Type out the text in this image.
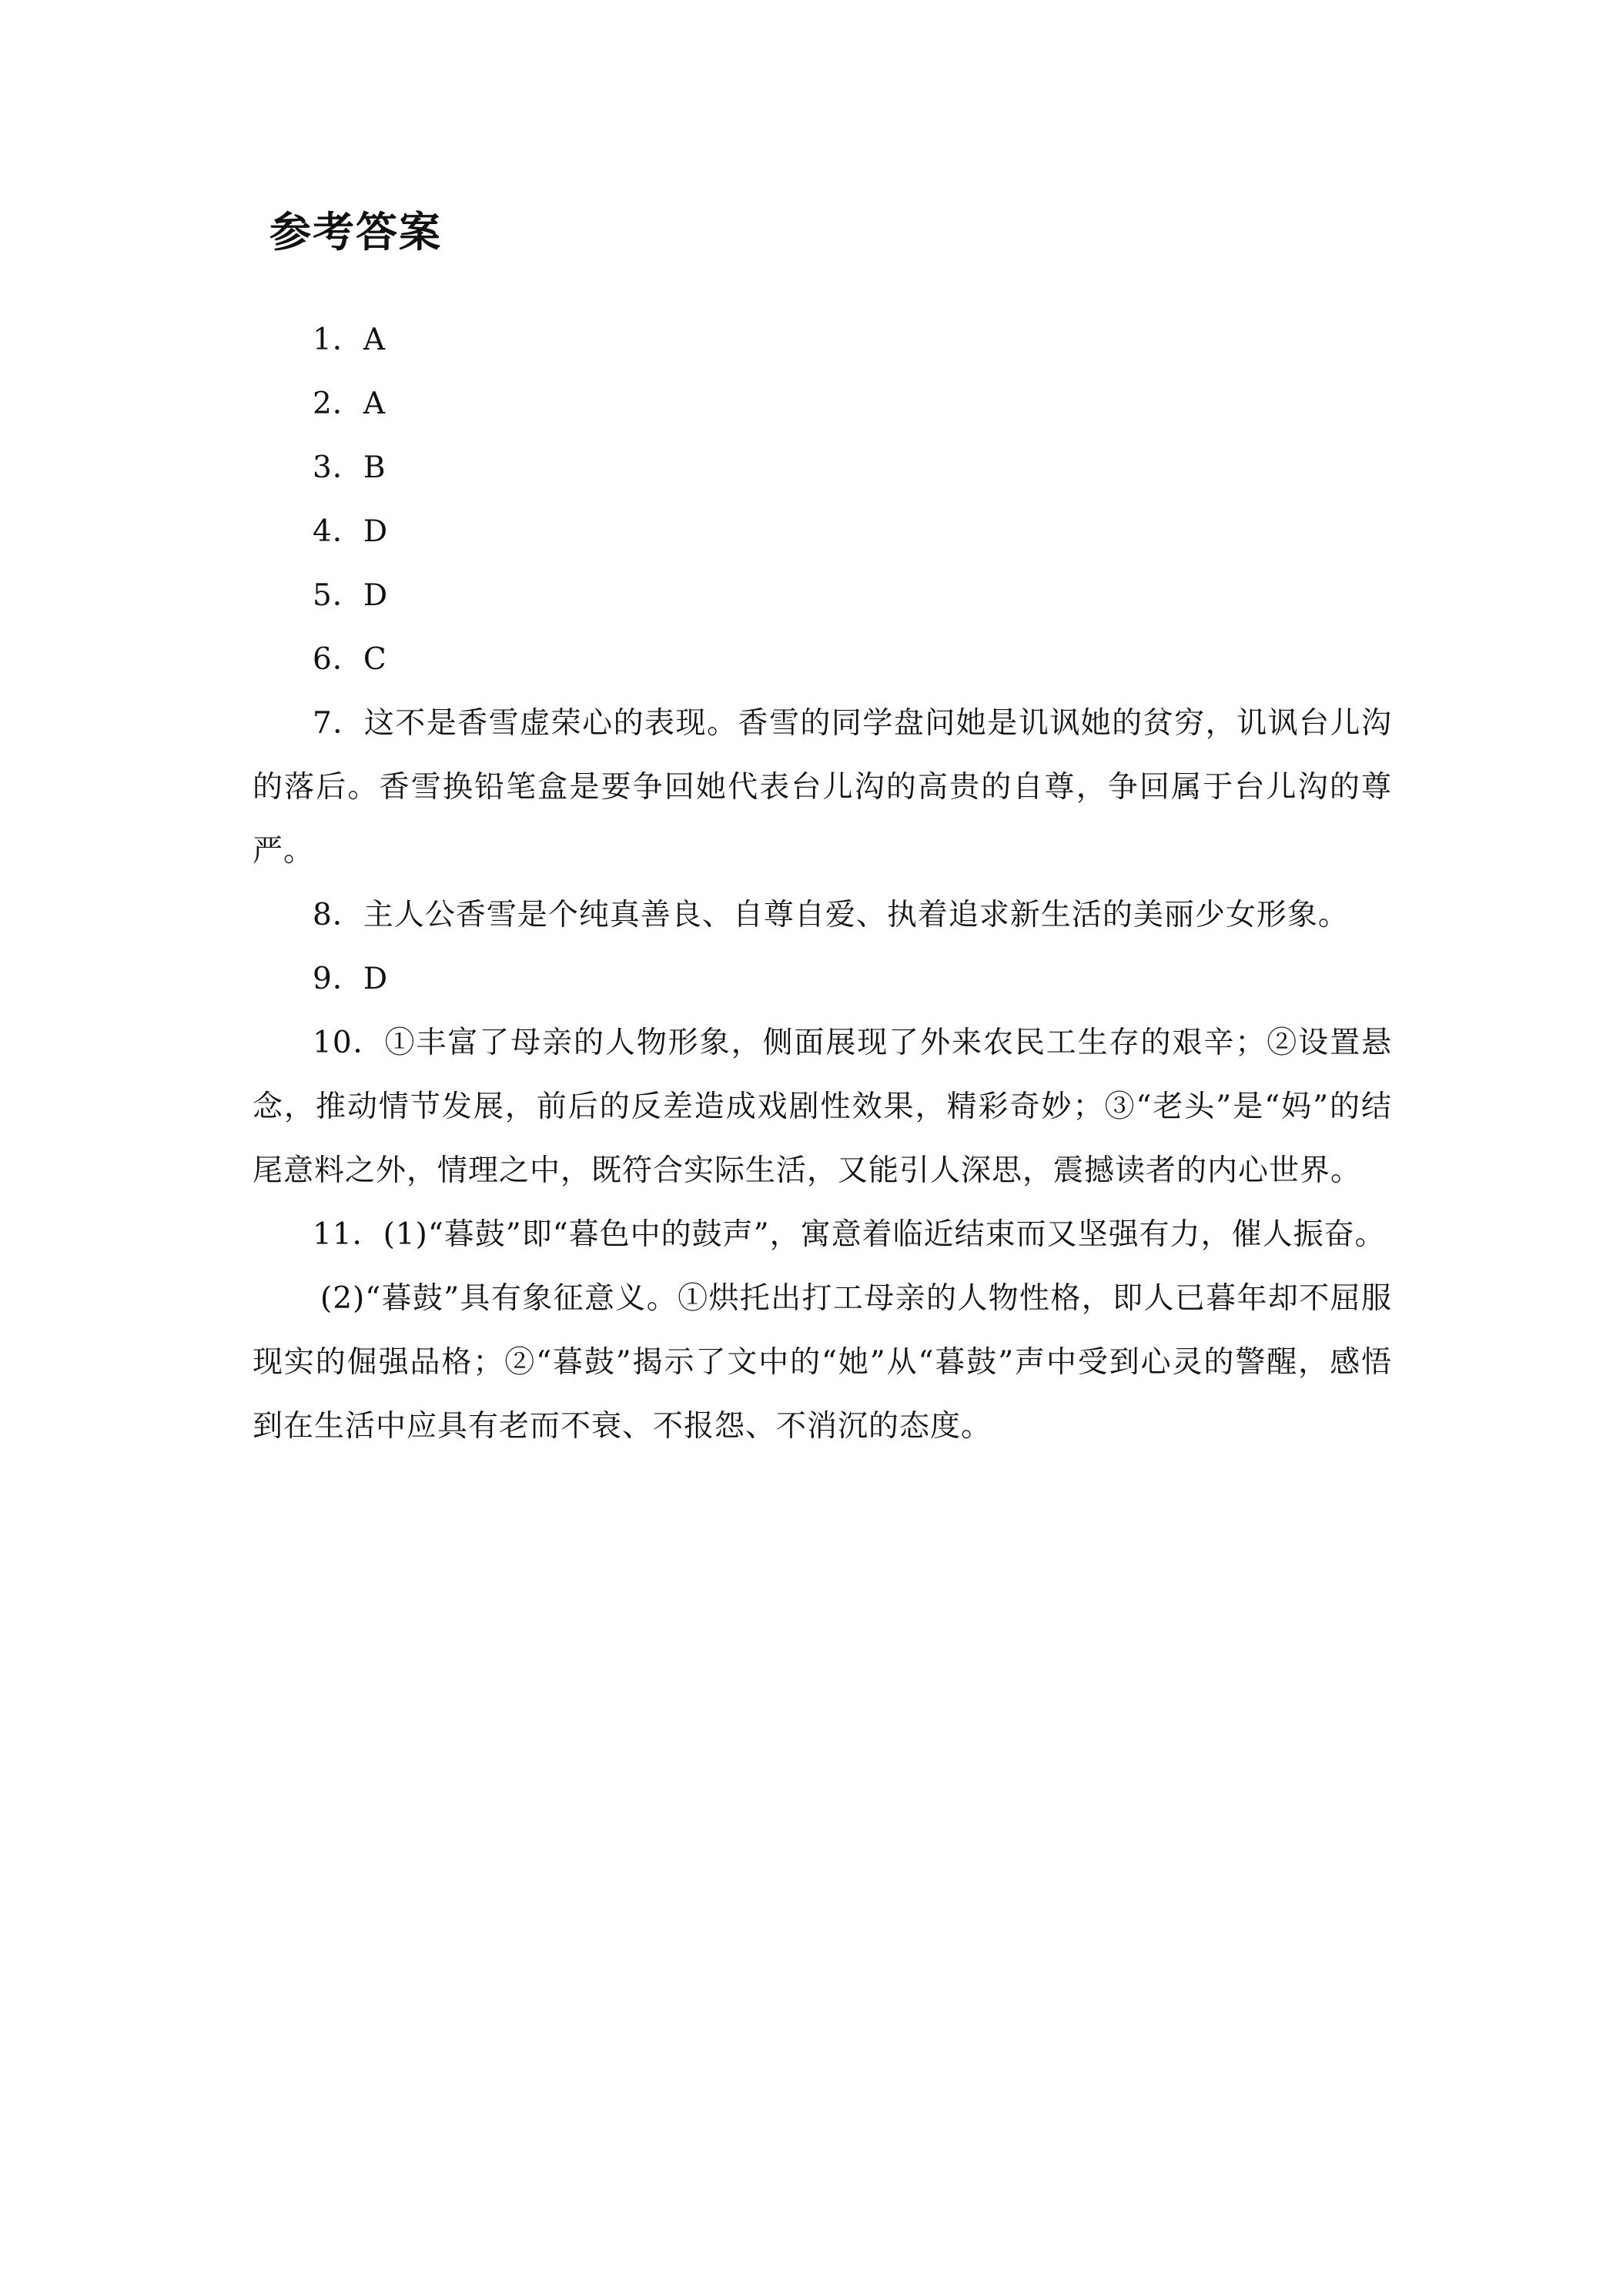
参考答案

1．A

2．A

3．B

4．D

5．D

6．C

7．这不是香雪虚荣心的表现。香雪的同学盘问她是讥讽她的贫穷，讥讽台儿沟的落后。香雪换铅笔盒是要争回她代表台儿沟的高贵的自尊，争回属于台儿沟的尊严。

8．主人公香雪是个纯真善良、自尊自爱、执着追求新生活的美丽少女形象。

9．D

10．①丰富了母亲的人物形象，侧面展现了外来农民工生存的艰辛；②设置悬念，推动情节发展，前后的反差造成戏剧性效果，精彩奇妙；③“老头”是“妈”的结尾意料之外，情理之中，既符合实际生活，又能引人深思，震撼读者的内心世界。

11．(1)“暮鼓”即“暮色中的鼓声”，寓意着临近结束而又坚强有力，催人振奋。

(2)“暮鼓”具有象征意义。①烘托出打工母亲的人物性格，即人已暮年却不屈服现实的倔强品格；②“暮鼓”揭示了文中的“她”从“暮鼓”声中受到心灵的警醒，感悟到在生活中应具有老而不衰、不报怨、不消沉的态度。
